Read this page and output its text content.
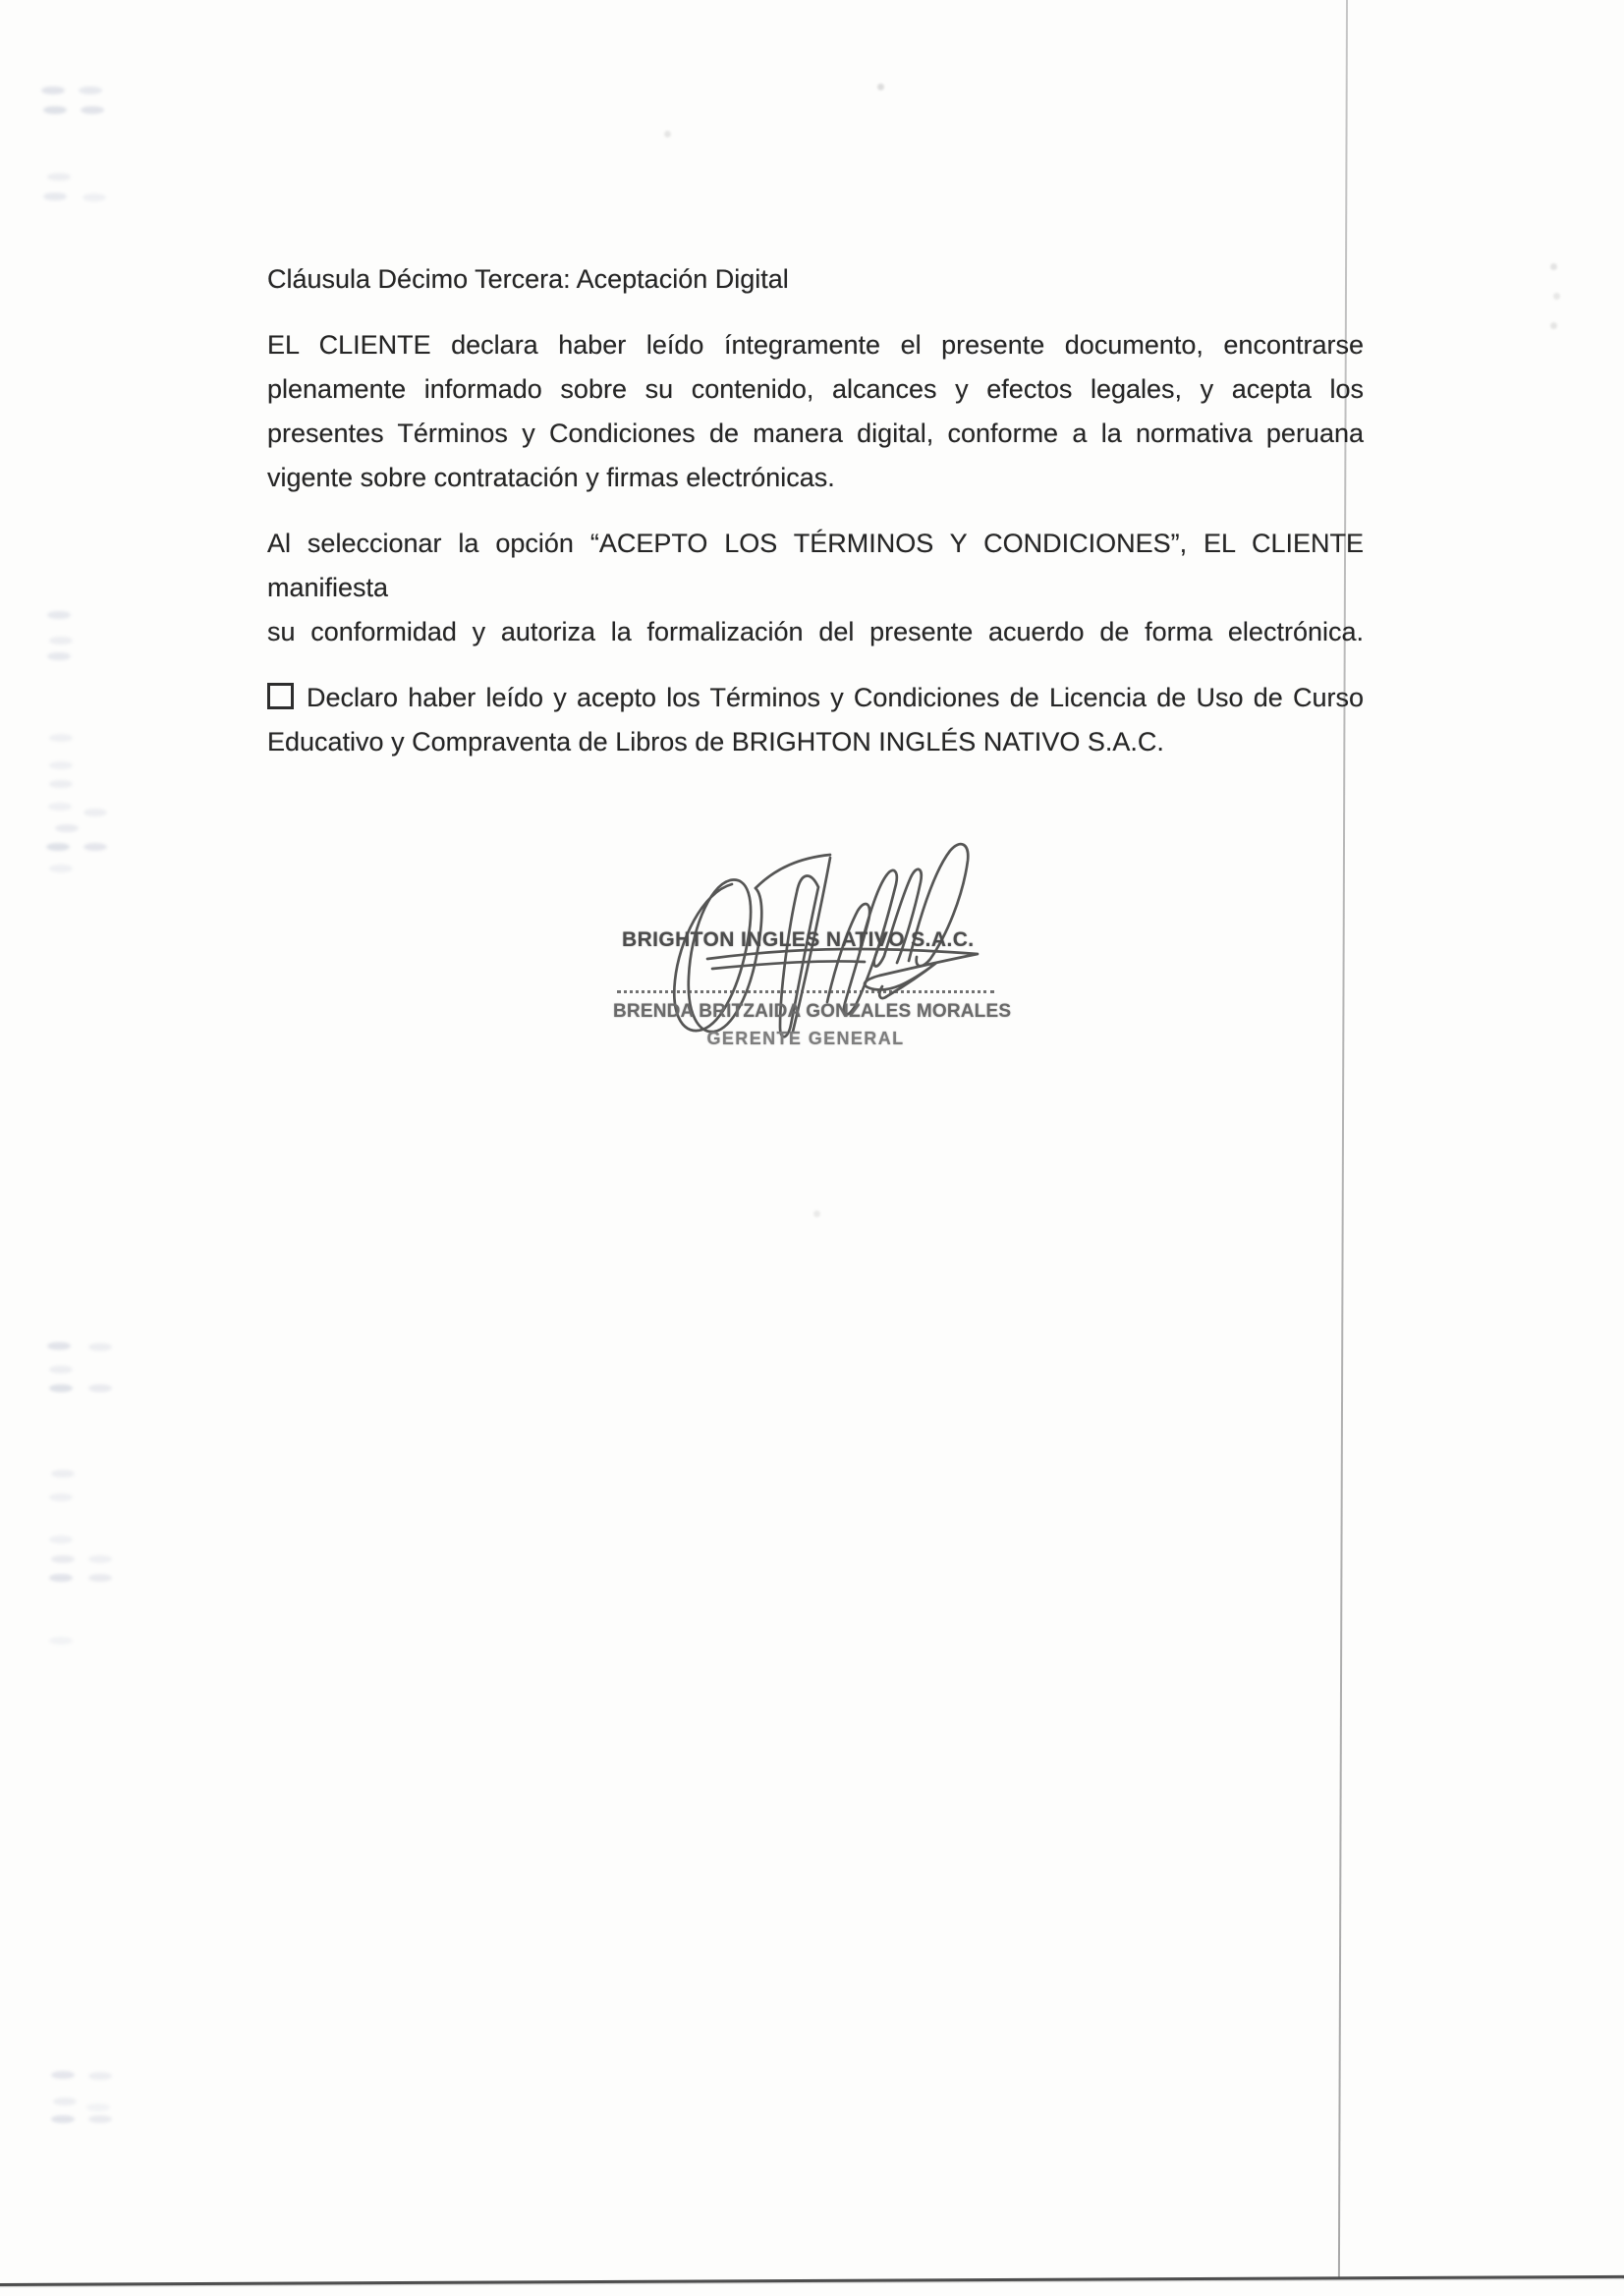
Cláusula Décimo Tercera: Aceptación Digital
EL CLIENTE declara haber leído íntegramente el presente documento, encontrarse
plenamente informado sobre su contenido, alcances y efectos legales, y acepta los
presentes Términos y Condiciones de manera digital, conforme a la normativa peruana
vigente sobre contratación y firmas electrónicas.
Al seleccionar la opción “ACEPTO LOS TÉRMINOS Y CONDICIONES”, EL CLIENTE manifiesta
su conformidad y autoriza la formalización del presente acuerdo de forma electrónica.
Declaro haber leído y acepto los Términos y Condiciones de Licencia de Uso de Curso
Educativo y Compraventa de Libros de BRIGHTON INGLÉS NATIVO S.A.C.
BRIGHTON INGLES NATIVO S.A.C.
BRENDA BRITZAIDA GONZALES MORALES
GERENTE GENERAL
